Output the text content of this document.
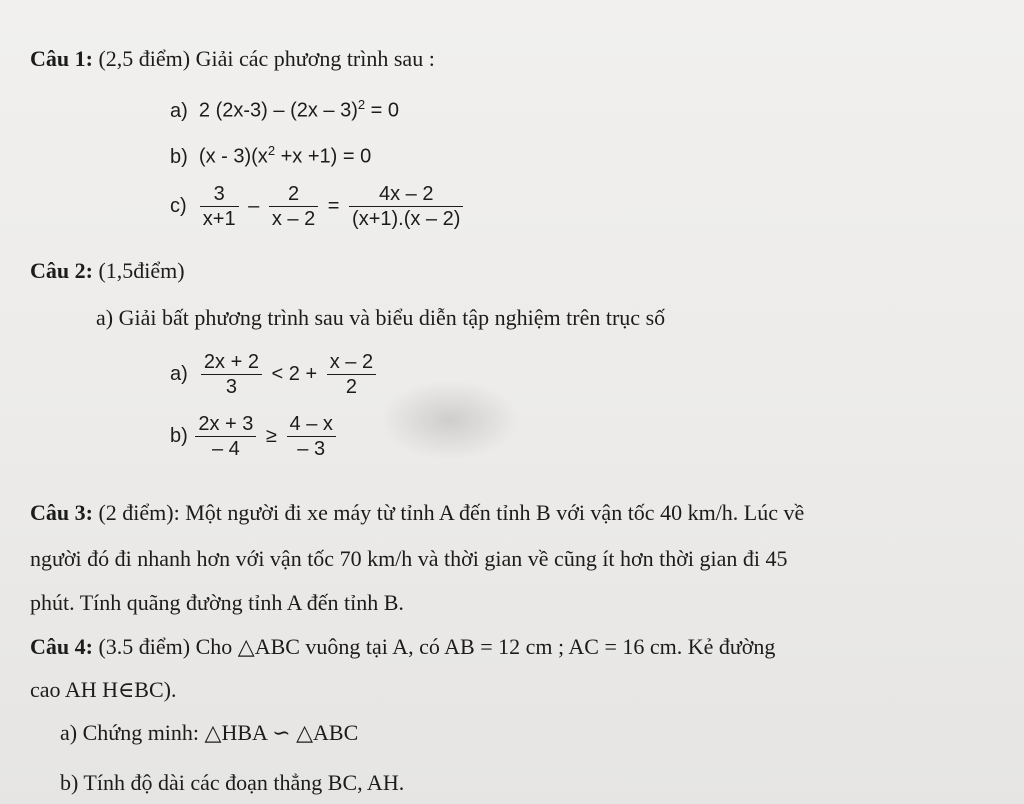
Câu 1: (2,5 điểm) Giải các phương trình sau :
a) 2 (2x-3) – (2x – 3)$^2$ = 0
b) $(x - 3)(x^2 +x +1) = 0$
$c) \frac{3}{x+1} - \frac{2}{x - 2} = \frac{4x - 2}{(x+1).(x - 2)}$
Câu 2: (1,5điểm)
a) Giải bất phương trình sau và biểu diễn tập nghiệm trên trục số
$a) \frac{2x + 2}{3} < 2 + \frac{x - 2}{2}$
$b) \frac{2x + 3}{- 4} \ge \frac{4 - x}{- 3}$
Câu 3: (2 điểm): Một người đi xe máy từ tỉnh A đến tỉnh B với vận tốc 40 km/h. Lúc về
người đó đi nhanh hơn với vận tốc 70 km/h và thời gian về cũng ít hơn thời gian đi 45
phút. Tính quãng đường tỉnh A đến tỉnh B.
Câu 4: (3.5 điểm) Cho △ABC vuông tại A, có AB = 12 cm ; AC = 16 cm. Kẻ đường
cao AH H∈BC).
a) Chứng minh: △HBA ∽ △ABC
b) Tính độ dài các đoạn thẳng BC, AH.
